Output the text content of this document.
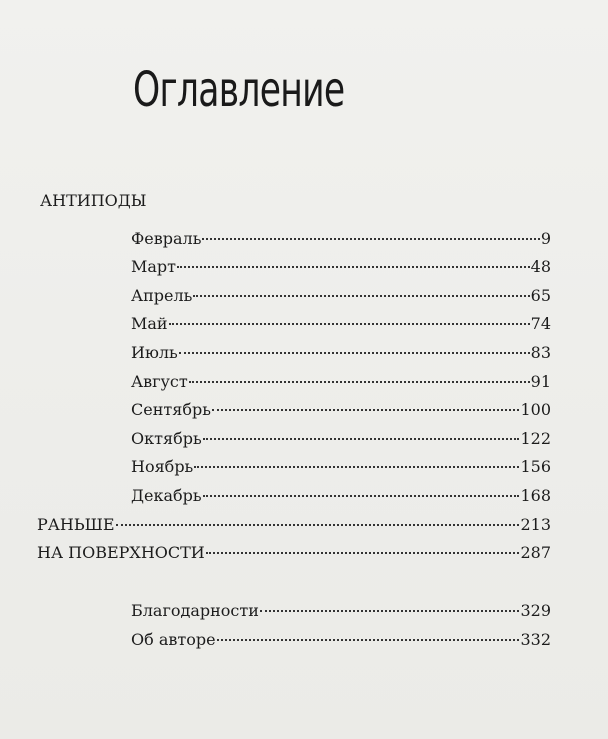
Оглавление
АНТИПОДЫ
Февраль	9
Март	48
Апрель	65
Май	74
Июль	83
Август	91
Сентябрь	100
Октябрь	122
Ноябрь	156
Декабрь	168
РАНЬШЕ	213
НА ПОВЕРХНОСТИ	287
Благодарности	329
Об авторе	332
